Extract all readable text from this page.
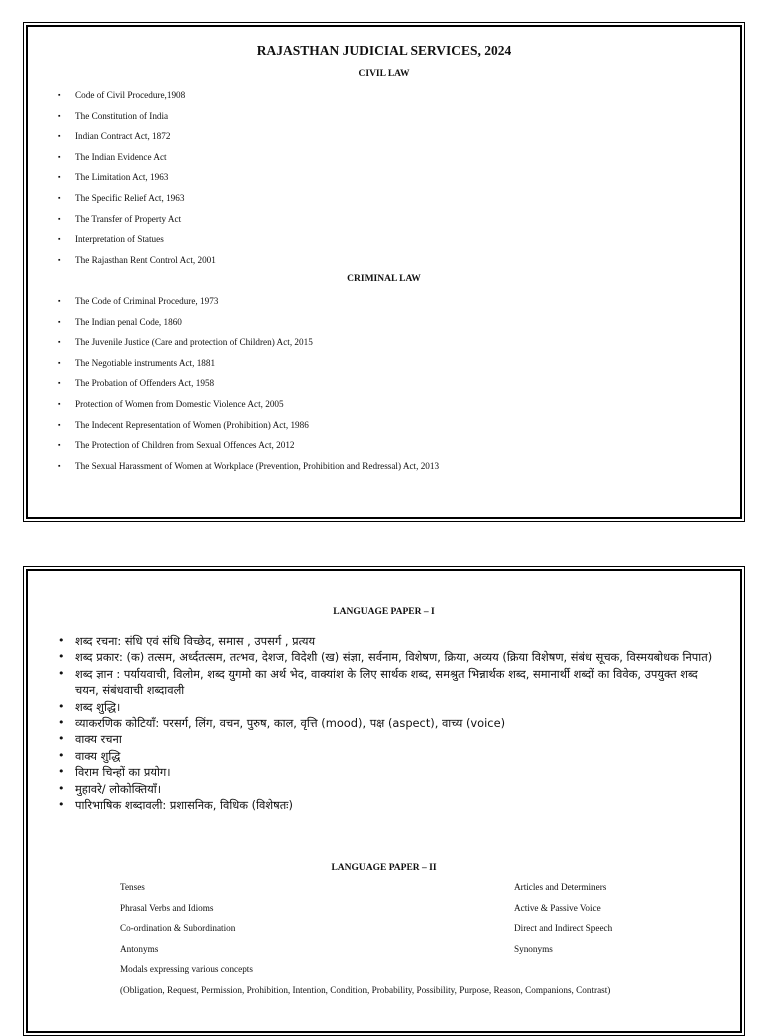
RAJASTHAN JUDICIAL SERVICES, 2024
CIVIL LAW
▪ Code of Civil Procedure,1908
▪ The Constitution of India
▪ Indian Contract Act, 1872
▪ The Indian Evidence Act
▪ The Limitation Act, 1963
▪ The Specific Relief Act, 1963
▪ The Transfer of Property Act
▪ Interpretation of Statues
▪ The Rajasthan Rent Control Act, 2001
CRIMINAL LAW
▪ The Code of Criminal Procedure, 1973
▪ The Indian penal Code, 1860
▪ The Juvenile Justice (Care and protection of Children) Act, 2015
▪ The Negotiable instruments Act, 1881
▪ The Probation of Offenders Act, 1958
▪ Protection of Women from Domestic Violence Act, 2005
▪ The Indecent Representation of Women (Prohibition) Act, 1986
▪ The Protection of Children from Sexual Offences Act, 2012
▪ The Sexual Harassment of Women at Workplace (Prevention, Prohibition and Redressal) Act, 2013
LANGUAGE PAPER – I
• शब्द रचना: संधि एवं संधि विच्छेद, समास , उपसर्ग , प्रत्यय
• शब्द प्रकार: (क) तत्सम, अर्ध्दतत्सम, तत्भव, देशज, विदेशी (ख) संज्ञा, सर्वनाम, विशेषण, क्रिया, अव्यय (क्रिया विशेषण, संबंध सूचक, विस्मयबोधक निपात)
• शब्द ज्ञान : पर्यायवाची, विलोम, शब्द युगमो का अर्थ भेद, वाक्यांश के लिए सार्थक शब्द, समश्रुत भिन्नार्थक शब्द, समानार्थी शब्दों का विवेक, उपयुक्त शब्द चयन, संबंधवाची शब्दावली
• शब्द शुद्धि।
• व्याकरणिक कोटियाँ: परसर्ग, लिंग, वचन, पुरुष, काल, वृत्ति (mood), पक्ष (aspect), वाच्य (voice)
• वाक्य रचना
• वाक्य शुद्धि
• विराम चिन्हों का प्रयोग।
• मुहावरे/ लोकोक्तियाँ।
• पारिभाषिक शब्दावली: प्रशासनिक, विधिक (विशेषतः)
LANGUAGE PAPER – II
Tenses	Articles and Determiners
Phrasal Verbs and Idioms	Active & Passive Voice
Co-ordination & Subordination	Direct and Indirect Speech
Antonyms	Synonyms
Modals expressing various concepts
(Obligation, Request, Permission, Prohibition, Intention, Condition, Probability, Possibility, Purpose, Reason, Companions, Contrast)
